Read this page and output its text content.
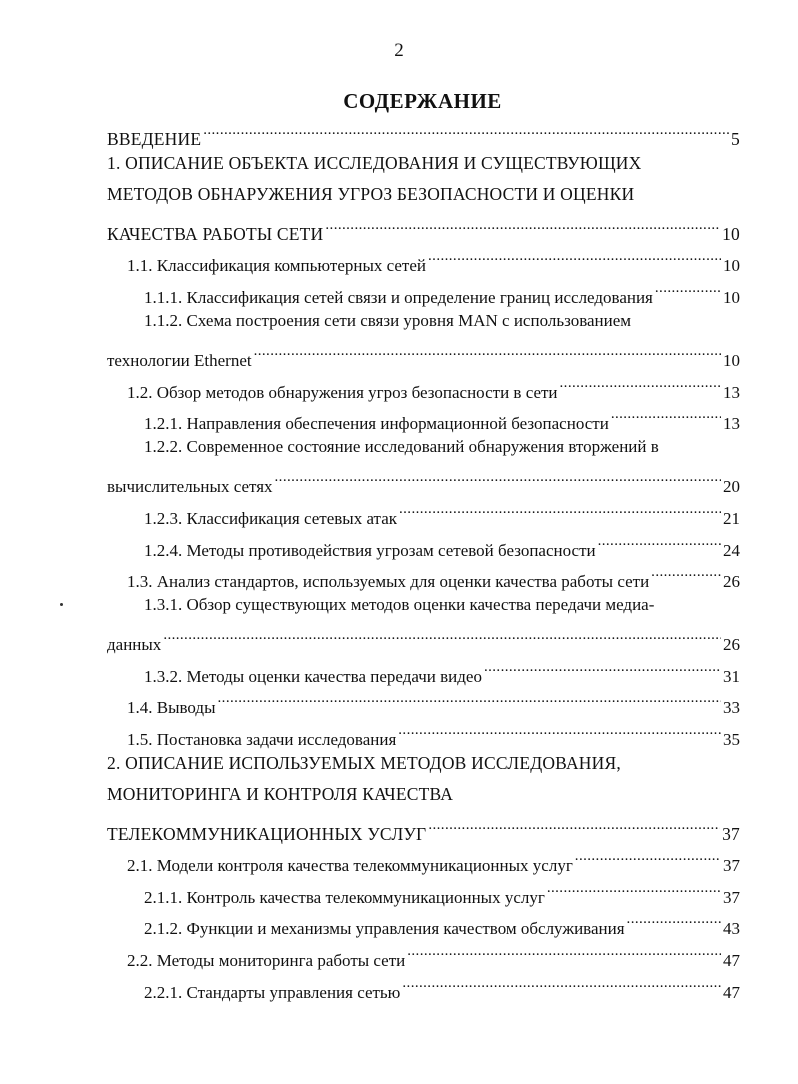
2
СОДЕРЖАНИЕ
ВВЕДЕНИЕ .....	5
1. ОПИСАНИЕ ОБЪЕКТА ИССЛЕДОВАНИЯ И СУЩЕСТВУЮЩИХ
МЕТОДОВ ОБНАРУЖЕНИЯ УГРОЗ БЕЗОПАСНОСТИ И ОЦЕНКИ
КАЧЕСТВА РАБОТЫ СЕТИ .....	10
1.1. Классификация компьютерных сетей .....	10
1.1.1. Классификация сетей связи и определение границ исследования .....	10
1.1.2. Схема построения сети связи уровня MAN с использованием
технологии Ethernet .....	10
1.2. Обзор методов обнаружения угроз безопасности в сети .....	13
1.2.1. Направления обеспечения информационной безопасности .....	13
1.2.2. Современное состояние исследований обнаружения вторжений в
вычислительных сетях .....	20
1.2.3. Классификация сетевых атак .....	21
1.2.4. Методы противодействия угрозам сетевой безопасности .....	24
1.3. Анализ стандартов, используемых для оценки качества работы сети .....	26
1.3.1. Обзор существующих методов оценки качества передачи медиа-
данных .....	26
1.3.2. Методы оценки качества передачи видео .....	31
1.4. Выводы .....	33
1.5. Постановка задачи исследования .....	35
2. ОПИСАНИЕ ИСПОЛЬЗУЕМЫХ МЕТОДОВ ИССЛЕДОВАНИЯ,
МОНИТОРИНГА И КОНТРОЛЯ КАЧЕСТВА
ТЕЛЕКОММУНИКАЦИОННЫХ УСЛУГ .....	37
2.1. Модели контроля качества телекоммуникационных услуг .....	37
2.1.1. Контроль качества телекоммуникационных услуг .....	37
2.1.2. Функции и механизмы управления качеством обслуживания .....	43
2.2. Методы мониторинга работы сети .....	47
2.2.1. Стандарты управления сетью .....	47
